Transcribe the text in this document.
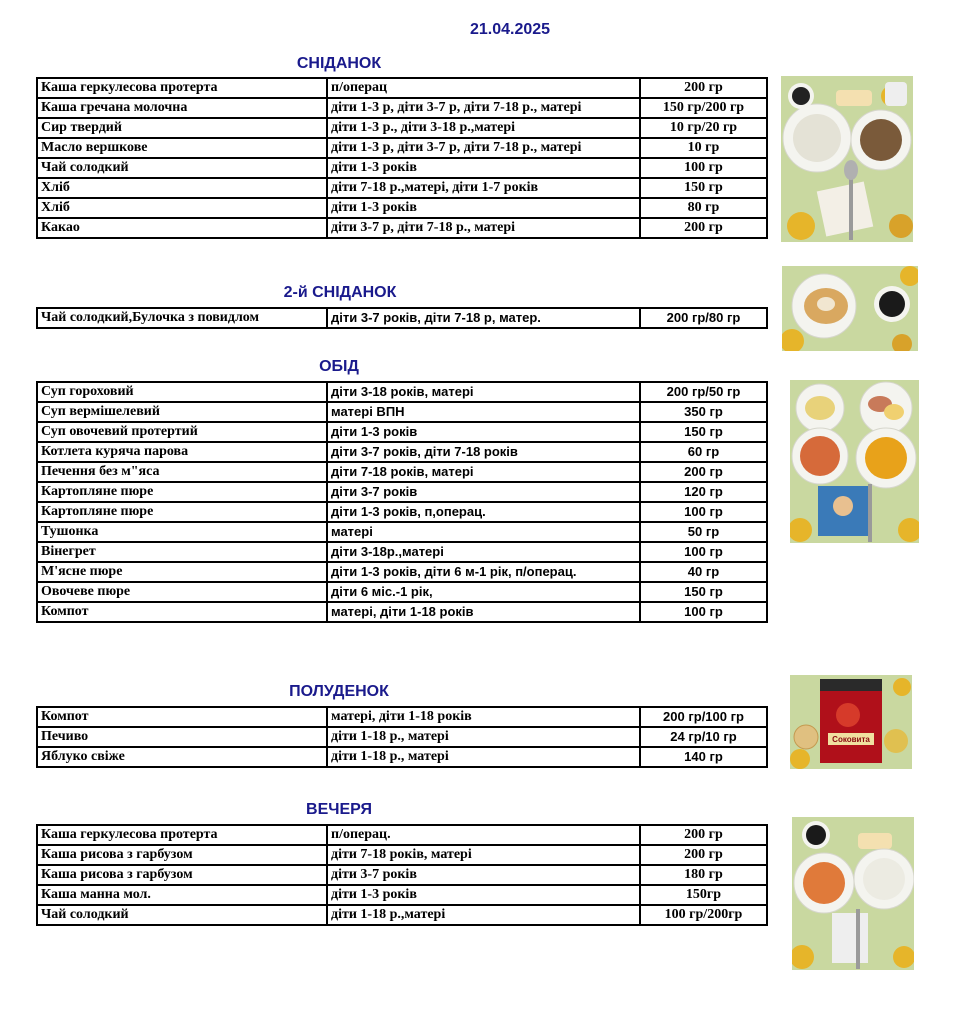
21.04.2025
СНІДАНОК
Каша геркулесова протерта	п/операц	200 гр
Каша гречана молочна	діти 1-3 р, діти 3-7 р, діти 7-18 р., матері	150 гр/200 гр
Сир твердий	діти 1-3 р., діти 3-18 р.,матері	10 гр/20 гр
Масло вершкове	діти 1-3 р, діти 3-7 р, діти 7-18 р., матері	10 гр
Чай солодкий	діти 1-3 років	100 гр
Хліб	діти 7-18 р.,матері, діти 1-7 років	150 гр
Хліб	діти 1-3 років	80 гр
Какао	діти 3-7 р, діти 7-18 р., матері	200 гр
2-й СНІДАНОК
Чай солодкий,Булочка з повидлом	діти 3-7 років, діти 7-18 р, матер.	200 гр/80 гр
ОБІД
Суп гороховий	діти 3-18 років, матері	200 гр/50 гр
Суп вермішелевий	матері ВПН	350 гр
Суп овочевий протертий	діти 1-3 років	150 гр
Котлета куряча парова	діти 3-7 років, діти 7-18 років	60 гр
Печення без м"яса	діти 7-18 років, матері	200 гр
Картопляне пюре	діти 3-7 років	120 гр
Картопляне пюре	діти 1-3 років, п,операц.	100 гр
Тушонка	матері	50 гр
Вінегрет	діти 3-18р.,матері	100 гр
М'ясне пюре	діти 1-3 років, діти 6 м-1 рік, п/операц.	40 гр
Овочеве пюре	діти 6 міс.-1 рік,	150 гр
Компот	матері, діти 1-18 років	100 гр
ПОЛУДЕНОК
Компот	матері, діти 1-18 років	200 гр/100 гр
Печиво	діти 1-18 р., матері	24 гр/10 гр
Яблуко свіже	діти 1-18 р., матері	140 гр
Соковита
ВЕЧЕРЯ
Каша геркулесова протерта	п/операц.	200 гр
Каша рисова з гарбузом	діти 7-18 років, матері	200 гр
Каша рисова з гарбузом	діти 3-7 років	180 гр
Каша манна мол.	діти 1-3 років	150гр
Чай солодкий	діти 1-18 р.,матері	100 гр/200гр
